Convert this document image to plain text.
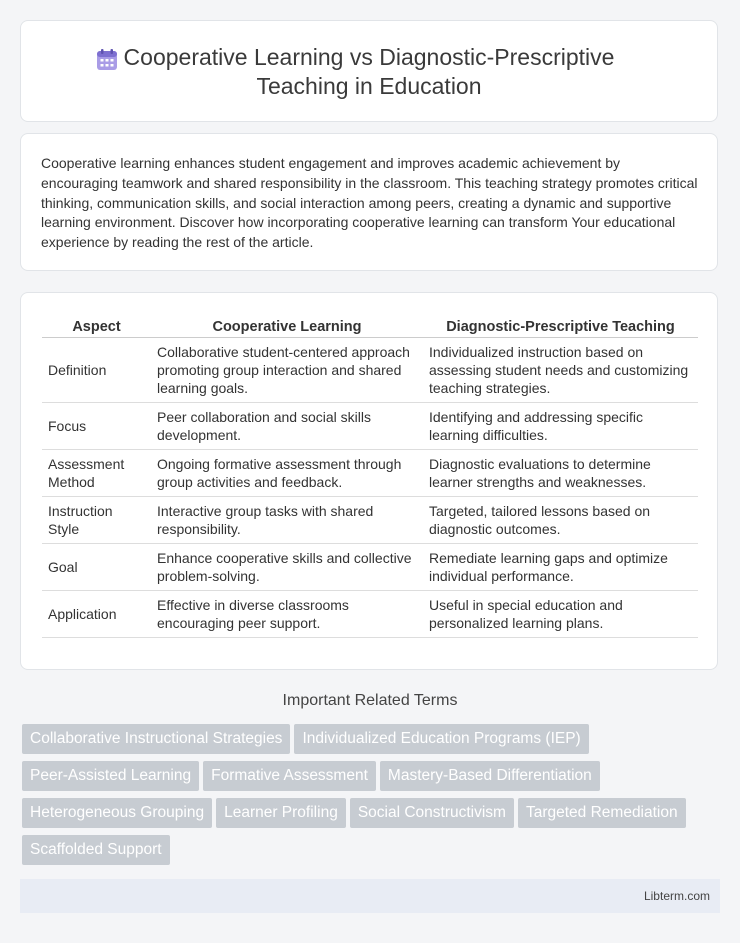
Cooperative Learning vs Diagnostic-Prescriptive
Teaching in Education

Cooperative learning enhances student engagement and improves academic achievement by encouraging teamwork and shared responsibility in the classroom. This teaching strategy promotes critical thinking, communication skills, and social interaction among peers, creating a dynamic and supportive learning environment. Discover how incorporating cooperative learning can transform Your educational experience by reading the rest of the article.

Aspect	Cooperative Learning	Diagnostic-Prescriptive Teaching
Definition	Collaborative student-centered approach promoting group interaction and shared learning goals.	Individualized instruction based on assessing student needs and customizing teaching strategies.
Focus	Peer collaboration and social skills development.	Identifying and addressing specific learning difficulties.
Assessment Method	Ongoing formative assessment through group activities and feedback.	Diagnostic evaluations to determine learner strengths and weaknesses.
Instruction Style	Interactive group tasks with shared responsibility.	Targeted, tailored lessons based on diagnostic outcomes.
Goal	Enhance cooperative skills and collective problem-solving.	Remediate learning gaps and optimize individual performance.
Application	Effective in diverse classrooms encouraging peer support.	Useful in special education and personalized learning plans.
Important Related Terms
Collaborative Instructional Strategies Individualized Education Programs (IEP)
Peer-Assisted Learning Formative Assessment Mastery-Based Differentiation
Heterogeneous Grouping Learner Profiling Social Constructivism Targeted Remediation
Scaffolded Support
Libterm.com
